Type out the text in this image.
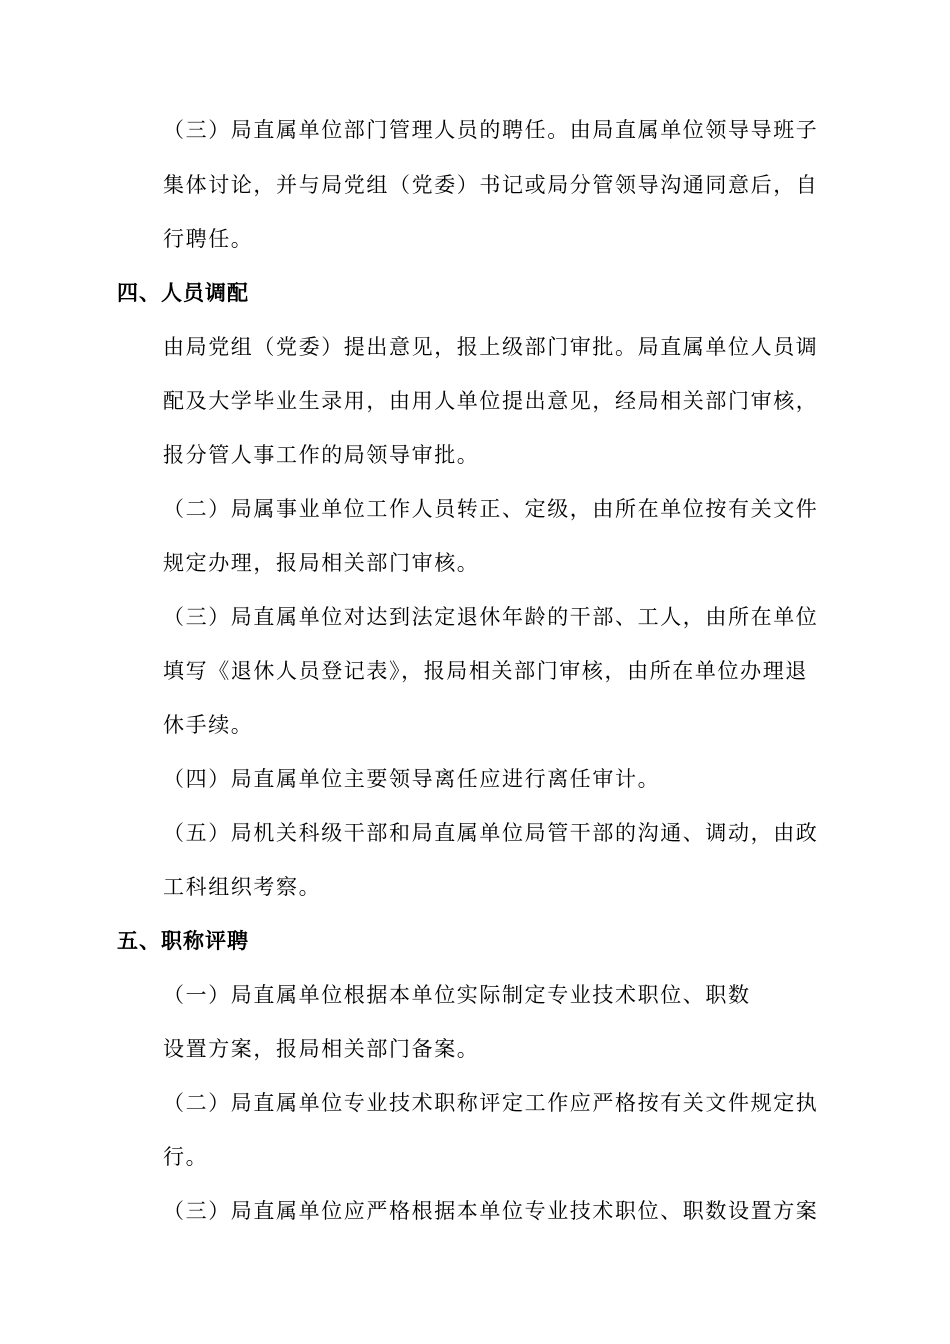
（三）局直属单位部门管理人员的聘任。由局直属单位领导导班子
集体讨论，并与局党组（党委）书记或局分管领导沟通同意后，自
行聘任。
四、人员调配
由局党组（党委）提出意见，报上级部门审批。局直属单位人员调
配及大学毕业生录用，由用人单位提出意见，经局相关部门审核，
报分管人事工作的局领导审批。
（二）局属事业单位工作人员转正、定级，由所在单位按有关文件
规定办理，报局相关部门审核。
（三）局直属单位对达到法定退休年龄的干部、工人，由所在单位
填写《退休人员登记表》，报局相关部门审核，由所在单位办理退
休手续。
（四）局直属单位主要领导离任应进行离任审计。
（五）局机关科级干部和局直属单位局管干部的沟通、调动，由政
工科组织考察。
五、职称评聘
（一）局直属单位根据本单位实际制定专业技术职位、职数
设置方案，报局相关部门备案。
（二）局直属单位专业技术职称评定工作应严格按有关文件规定执
行。
（三）局直属单位应严格根据本单位专业技术职位、职数设置方案
